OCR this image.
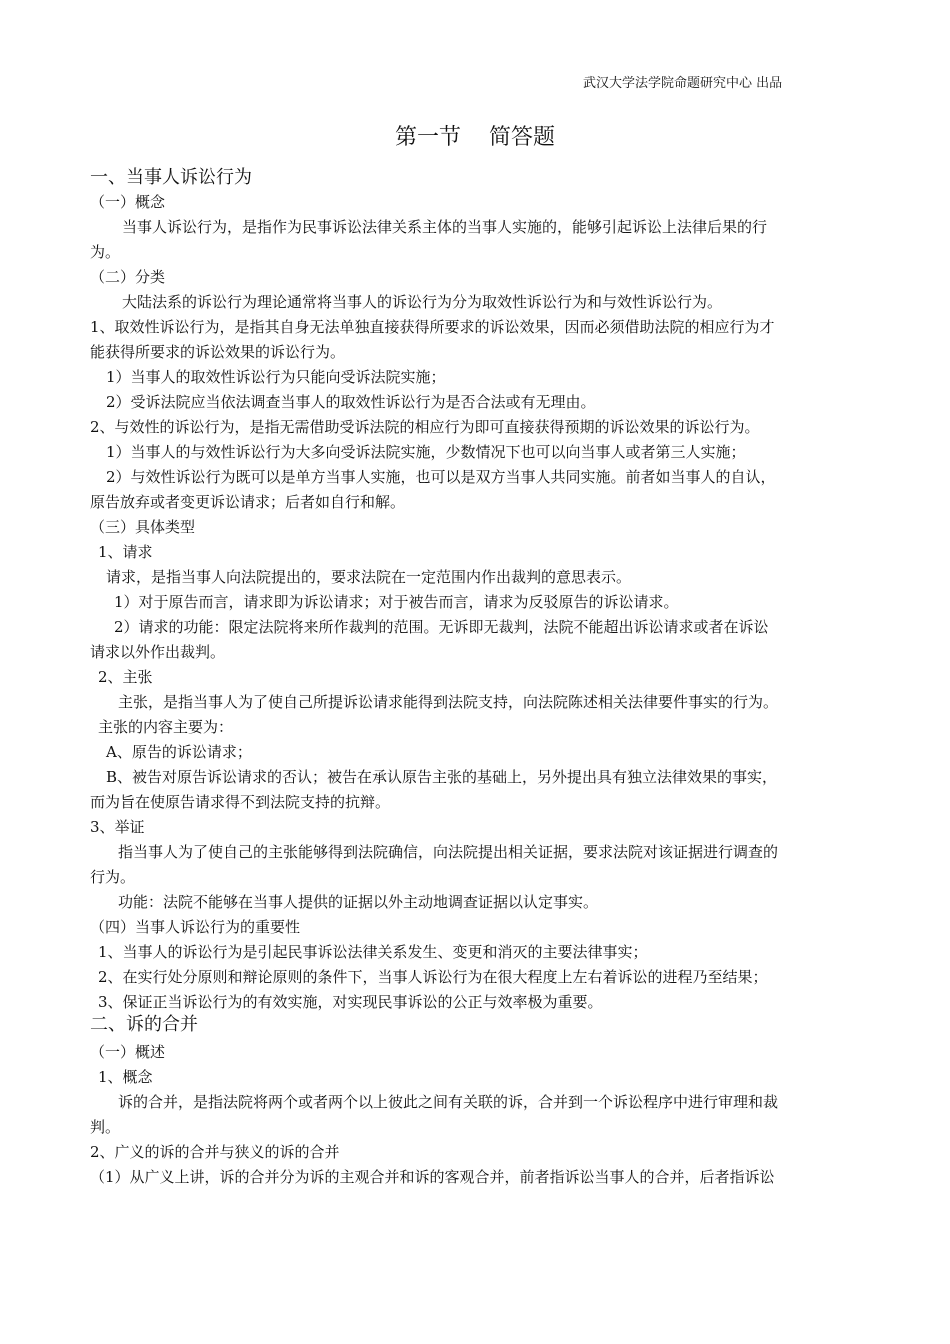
武汉大学法学院命题研究中心 出品
第一节    简答题
一、当事人诉讼行为
（一）概念
当事人诉讼行为，是指作为民事诉讼法律关系主体的当事人实施的，能够引起诉讼上法律后果的行
为。
（二）分类
大陆法系的诉讼行为理论通常将当事人的诉讼行为分为取效性诉讼行为和与效性诉讼行为。
1、取效性诉讼行为，是指其自身无法单独直接获得所要求的诉讼效果，因而必须借助法院的相应行为才
能获得所要求的诉讼效果的诉讼行为。
1）当事人的取效性诉讼行为只能向受诉法院实施；
2）受诉法院应当依法调查当事人的取效性诉讼行为是否合法或有无理由。
2、与效性的诉讼行为，是指无需借助受诉法院的相应行为即可直接获得预期的诉讼效果的诉讼行为。
1）当事人的与效性诉讼行为大多向受诉法院实施，少数情况下也可以向当事人或者第三人实施；
2）与效性诉讼行为既可以是单方当事人实施，也可以是双方当事人共同实施。前者如当事人的自认，
原告放弃或者变更诉讼请求；后者如自行和解。
（三）具体类型
1、请求
请求，是指当事人向法院提出的，要求法院在一定范围内作出裁判的意思表示。
1）对于原告而言，请求即为诉讼请求；对于被告而言，请求为反驳原告的诉讼请求。
2）请求的功能：限定法院将来所作裁判的范围。无诉即无裁判，法院不能超出诉讼请求或者在诉讼
请求以外作出裁判。
2、主张
主张，是指当事人为了使自己所提诉讼请求能得到法院支持，向法院陈述相关法律要件事实的行为。
主张的内容主要为：
A、原告的诉讼请求；
B、被告对原告诉讼请求的否认；被告在承认原告主张的基础上，另外提出具有独立法律效果的事实，
而为旨在使原告请求得不到法院支持的抗辩。
3、举证
指当事人为了使自己的主张能够得到法院确信，向法院提出相关证据，要求法院对该证据进行调查的
行为。
功能：法院不能够在当事人提供的证据以外主动地调查证据以认定事实。
（四）当事人诉讼行为的重要性
1、当事人的诉讼行为是引起民事诉讼法律关系发生、变更和消灭的主要法律事实；
2、在实行处分原则和辩论原则的条件下，当事人诉讼行为在很大程度上左右着诉讼的进程乃至结果；
3、保证正当诉讼行为的有效实施，对实现民事诉讼的公正与效率极为重要。
二、诉的合并
（一）概述
1、概念
诉的合并，是指法院将两个或者两个以上彼此之间有关联的诉，合并到一个诉讼程序中进行审理和裁
判。
2、广义的诉的合并与狭义的诉的合并
（1）从广义上讲，诉的合并分为诉的主观合并和诉的客观合并，前者指诉讼当事人的合并，后者指诉讼
